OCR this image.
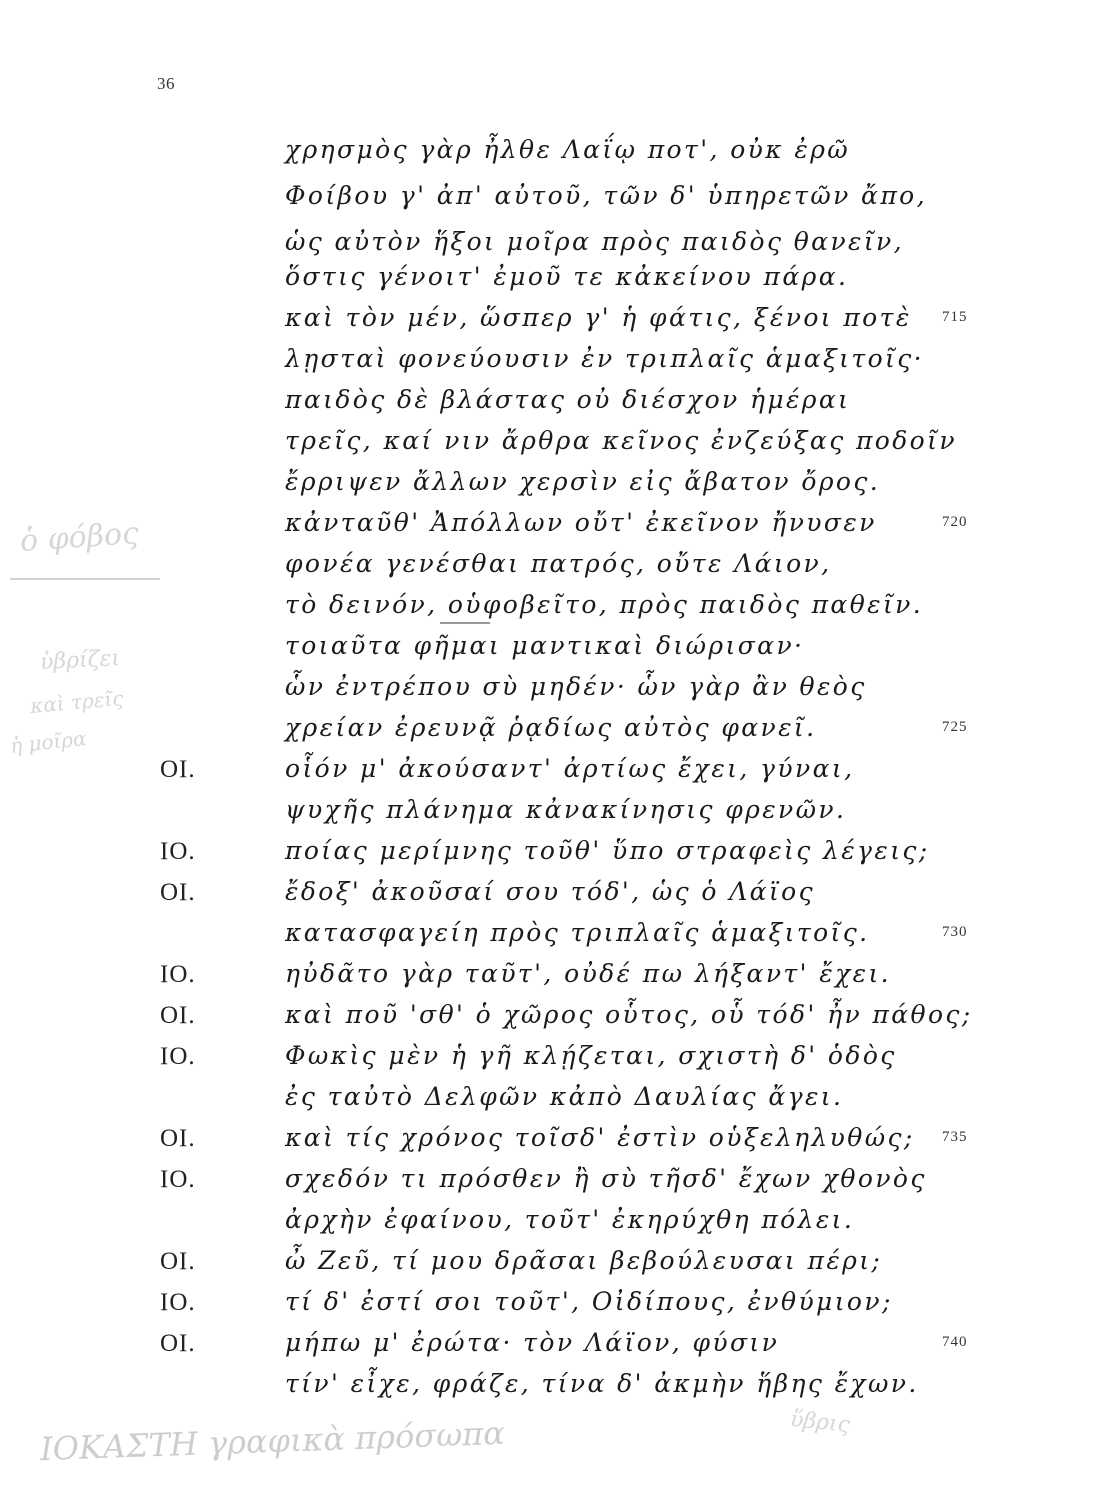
36
ὁ φόβος
ὑβρίζει
καὶ τρεῖς
ἡ μοῖρα
ΙΟΚΑΣΤΗ γραφικὰ πρόσωπα	ὕβρις
χρησμὸς γὰρ ἦλθε Λαΐῳ ποτ', οὐκ ἐρῶ
Φοίβου γ' ἀπ' αὐτοῦ, τῶν δ' ὑπηρετῶν ἄπο,
ὡς αὐτὸν ἥξοι μοῖρα πρὸς παιδὸς θανεῖν,
ὅστις γένοιτ' ἐμοῦ τε κἀκείνου πάρα.
καὶ τὸν μέν, ὥσπερ γ' ἡ φάτις, ξένοι ποτὲ 715
λῃσταὶ φονεύουσιν ἐν τριπλαῖς ἁμαξιτοῖς·
παιδὸς δὲ βλάστας οὐ διέσχον ἡμέραι
τρεῖς, καί νιν ἄρθρα κεῖνος ἐνζεύξας ποδοῖν
ἔρριψεν ἄλλων χερσὶν εἰς ἄβατον ὄρος.
κἀνταῦθ' Ἀπόλλων οὔτ' ἐκεῖνον ἤνυσεν	720
φονέα γενέσθαι πατρός, οὔτε Λάιον,
τὸ δεινόν, οὑφοβεῖτο, πρὸς παιδὸς παθεῖν.
τοιαῦτα φῆμαι μαντικαὶ διώρισαν·
ὧν ἐντρέπου σὺ μηδέν· ὧν γὰρ ἂν θεὸς
χρείαν ἐρευνᾷ ῥᾳδίως αὐτὸς φανεῖ.	725
ΟΙ.	οἷόν μ' ἀκούσαντ' ἀρτίως ἔχει, γύναι,
ψυχῆς πλάνημα κἀνακίνησις φρενῶν.
ΙΟ.	ποίας μερίμνης τοῦθ' ὕπο στραφεὶς λέγεις;
ΟΙ.	ἔδοξ' ἀκοῦσαί σου τόδ', ὡς ὁ Λάϊος
κατασφαγείη πρὸς τριπλαῖς ἁμαξιτοῖς.	730
ΙΟ.	ηὐδᾶτο γὰρ ταῦτ', οὐδέ πω λήξαντ' ἔχει.
ΟΙ.	καὶ ποῦ 'σθ' ὁ χῶρος οὗτος, οὗ τόδ' ἦν πάθος;
ΙΟ.	Φωκὶς μὲν ἡ γῆ κλῄζεται, σχιστὴ δ' ὁδὸς
ἐς ταὐτὸ Δελφῶν κἀπὸ Δαυλίας ἄγει.
ΟΙ.	καὶ τίς χρόνος τοῖσδ' ἐστὶν οὑξεληλυθώς; 735
ΙΟ.	σχεδόν τι πρόσθεν ἢ σὺ τῆσδ' ἔχων χθονὸς
ἀρχὴν ἐφαίνου, τοῦτ' ἐκηρύχθη πόλει.
ΟΙ.	ὦ Ζεῦ, τί μου δρᾶσαι βεβούλευσαι πέρι;
ΙΟ.	τί δ' ἐστί σοι τοῦτ', Οἰδίπους, ἐνθύμιον;
ΟΙ.	μήπω μ' ἐρώτα· τὸν Λάϊον, φύσιν	740
τίν' εἶχε, φράζε, τίνα δ' ἀκμὴν ἥβης ἔχων.
